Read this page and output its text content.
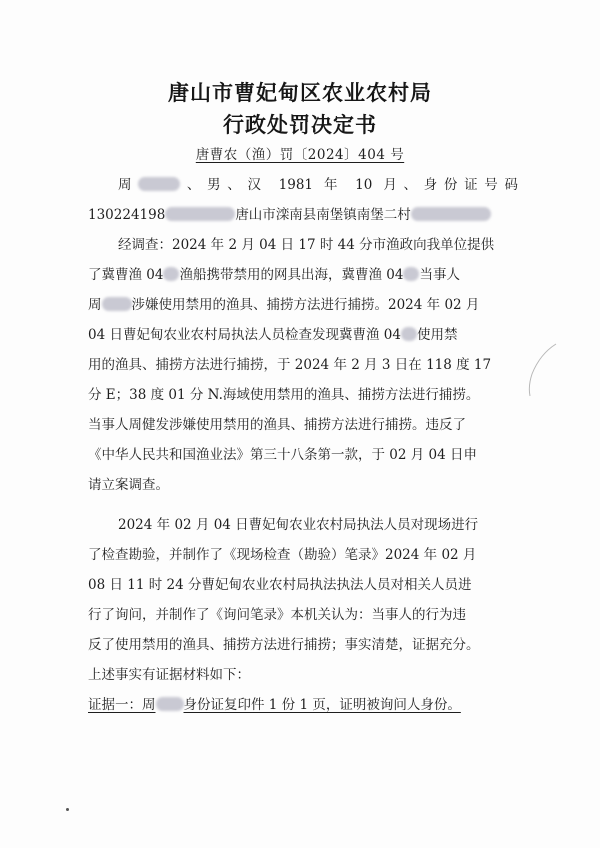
唐山市曹妃甸区农业农村局
行政处罚决定书
唐曹农（渔）罚〔2024〕404 号
周	、男、汉 1981 年 10 月、身份证号码
130224198	唐山市滦南县南堡镇南堡二村
经调查：2024 年 2 月 04 日 17 时 44 分市渔政向我单位提供
了冀曹渔 04 渔船携带禁用的网具出海，冀曹渔 04 当事人
周 涉嫌使用禁用的渔具、捕捞方法进行捕捞。2024 年 02 月
04 日曹妃甸农业农村局执法人员检查发现冀曹渔 04 使用禁
用的渔具、捕捞方法进行捕捞，于 2024 年 2 月 3 日在 118 度 17
分 E；38 度 01 分 N.海域使用禁用的渔具、捕捞方法进行捕捞。
当事人周健发涉嫌使用禁用的渔具、捕捞方法进行捕捞。违反了
《中华人民共和国渔业法》第三十八条第一款，于 02 月 04 日申
请立案调查。
2024 年 02 月 04 日曹妃甸农业农村局执法人员对现场进行
了检查勘验，并制作了《现场检查（勘验）笔录》2024 年 02 月
08 日 11 时 24 分曹妃甸农业农村局执法执法人员对相关人员进
行了询问，并制作了《询问笔录》本机关认为：当事人的行为违
反了使用禁用的渔具、捕捞方法进行捕捞；事实清楚，证据充分。
上述事实有证据材料如下：
证据一：周 身份证复印件 1 份 1 页，证明被询问人身份。
